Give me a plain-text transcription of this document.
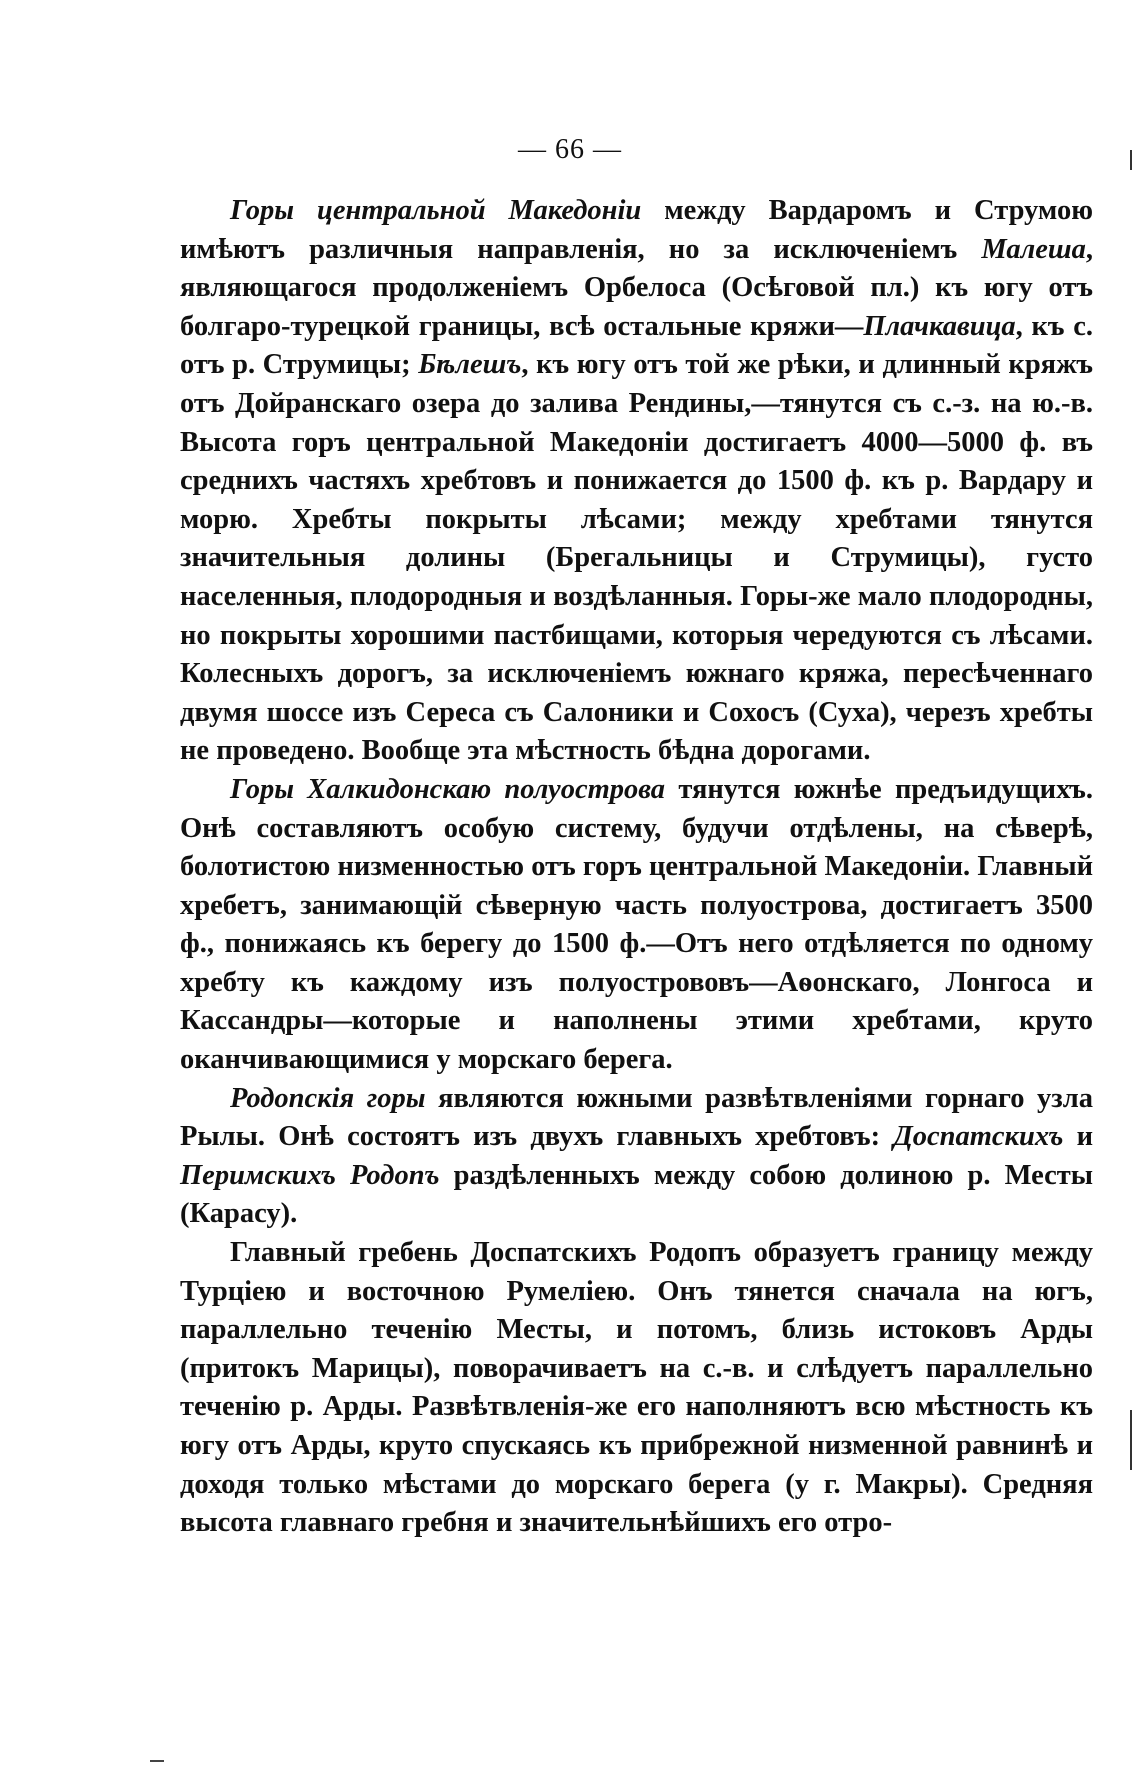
— 66 —

Горы центральной Македоніи между Вардаромъ и Струмою имѣютъ различныя направленія, но за исключеніемъ Малеша, являющагося продолженіемъ Орбелоса (Осѣговой пл.) къ югу отъ болгаро-турецкой границы, всѣ остальные кряжи—Плачкавица, къ с. отъ р. Струмицы; Бѣлешъ, къ югу отъ той же рѣки, и длинный кряжъ отъ Дойранскаго озера до залива Рендины,—тянутся съ с.-з. на ю.-в. Высота горъ центральной Македоніи достигаетъ 4000—5000 ф. въ среднихъ частяхъ хребтовъ и понижается до 1500 ф. къ р. Вардару и морю. Хребты покрыты лѣсами; между хребтами тянутся значительныя долины (Брегальницы и Струмицы), густо населенныя, плодородныя и воздѣланныя. Горы-же мало плодородны, но покрыты хорошими пастбищами, которыя чередуются съ лѣсами. Колесныхъ дорогъ, за исключеніемъ южнаго кряжа, пересѣченнаго двумя шоссе изъ Сереса съ Салоники и Сохосъ (Суха), черезъ хребты не проведено. Вообще эта мѣстность бѣдна дорогами.

Горы Халкидонскаю полуострова тянутся южнѣе предъидущихъ. Онѣ составляютъ особую систему, будучи отдѣлены, на сѣверѣ, болотистою низменностью отъ горъ центральной Македоніи. Главный хребетъ, занимающій сѣверную часть полуострова, достигаетъ 3500 ф., понижаясь къ берегу до 1500 ф.—Отъ него отдѣляется по одному хребту къ каждому изъ полуострововъ—Аѳонскаго, Лонгоса и Кассандры—которые и наполнены этими хребтами, круто оканчивающимися у морскаго берега.

Родопскія горы являются южными развѣтвленіями горнаго узла Рылы. Онѣ состоятъ изъ двухъ главныхъ хребтовъ: Доспатскихъ и Перимскихъ Родопъ раздѣленныхъ между собою долиною р. Месты (Карасу).

Главный гребень Доспатскихъ Родопъ образуетъ границу между Турціею и восточною Румеліею. Онъ тянется сначала на югъ, параллельно теченію Месты, и потомъ, близь истоковъ Арды (притокъ Марицы), поворачиваетъ на с.-в. и слѣдуетъ параллельно теченію р. Арды. Развѣтвленія-же его наполняютъ всю мѣстность къ югу отъ Арды, круто спускаясь къ прибрежной низменной равнинѣ и доходя только мѣстами до морскаго берега (у г. Макры). Средняя высота главнаго гребня и значительнѣйшихъ его отро-
